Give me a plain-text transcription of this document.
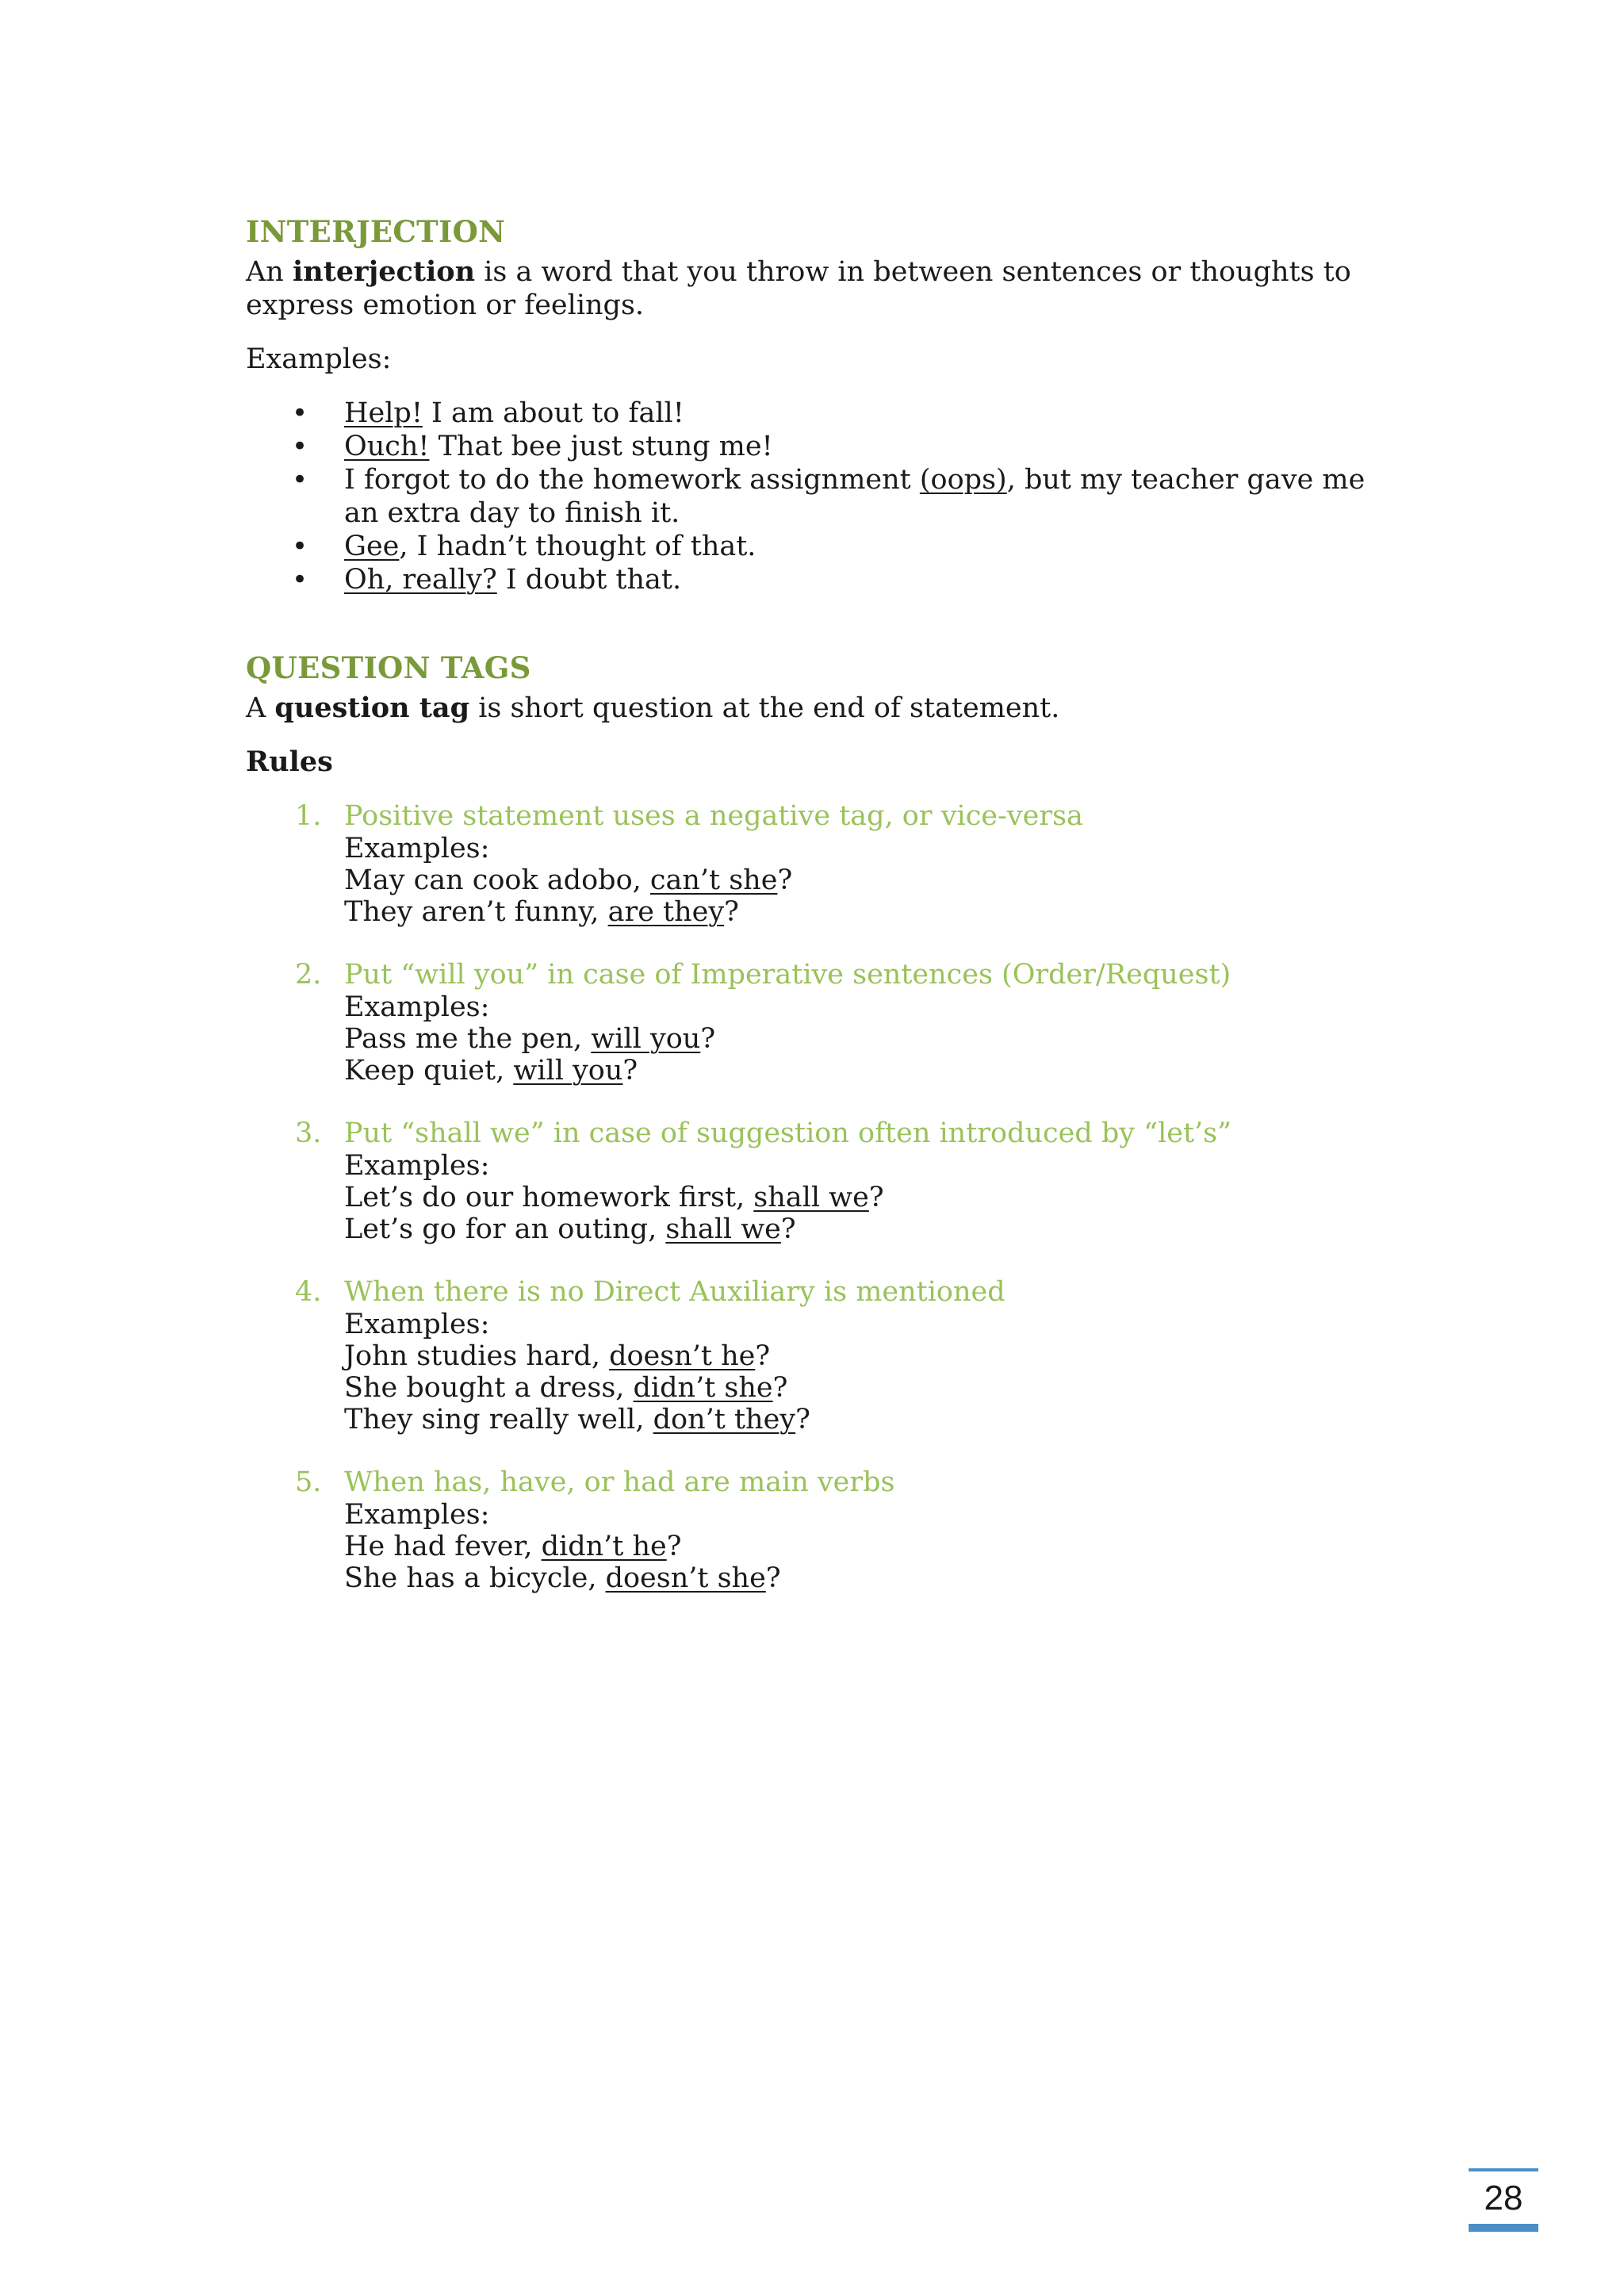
INTERJECTION

An interjection is a word that you throw in between sentences or thoughts to express emotion or feelings.

Examples:

• Help! I am about to fall!
• Ouch! That bee just stung me!
• I forgot to do the homework assignment (oops), but my teacher gave me an extra day to finish it.
• Gee, I hadn’t thought of that.
• Oh, really? I doubt that.
QUESTION TAGS

A question tag is short question at the end of statement.

Rules

1. Positive statement uses a negative tag, or vice-versa
Examples:
May can cook adobo, can’t she?
They aren’t funny, are they?
2. Put “will you” in case of Imperative sentences (Order/Request)
Examples:
Pass me the pen, will you?
Keep quiet, will you?
3. Put “shall we” in case of suggestion often introduced by “let’s”
Examples:
Let’s do our homework first, shall we?
Let’s go for an outing, shall we?
4. When there is no Direct Auxiliary is mentioned
Examples:
John studies hard, doesn’t he?
She bought a dress, didn’t she?
They sing really well, don’t they?
5. When has, have, or had are main verbs
Examples:
He had fever, didn’t he?
She has a bicycle, doesn’t she?
28
